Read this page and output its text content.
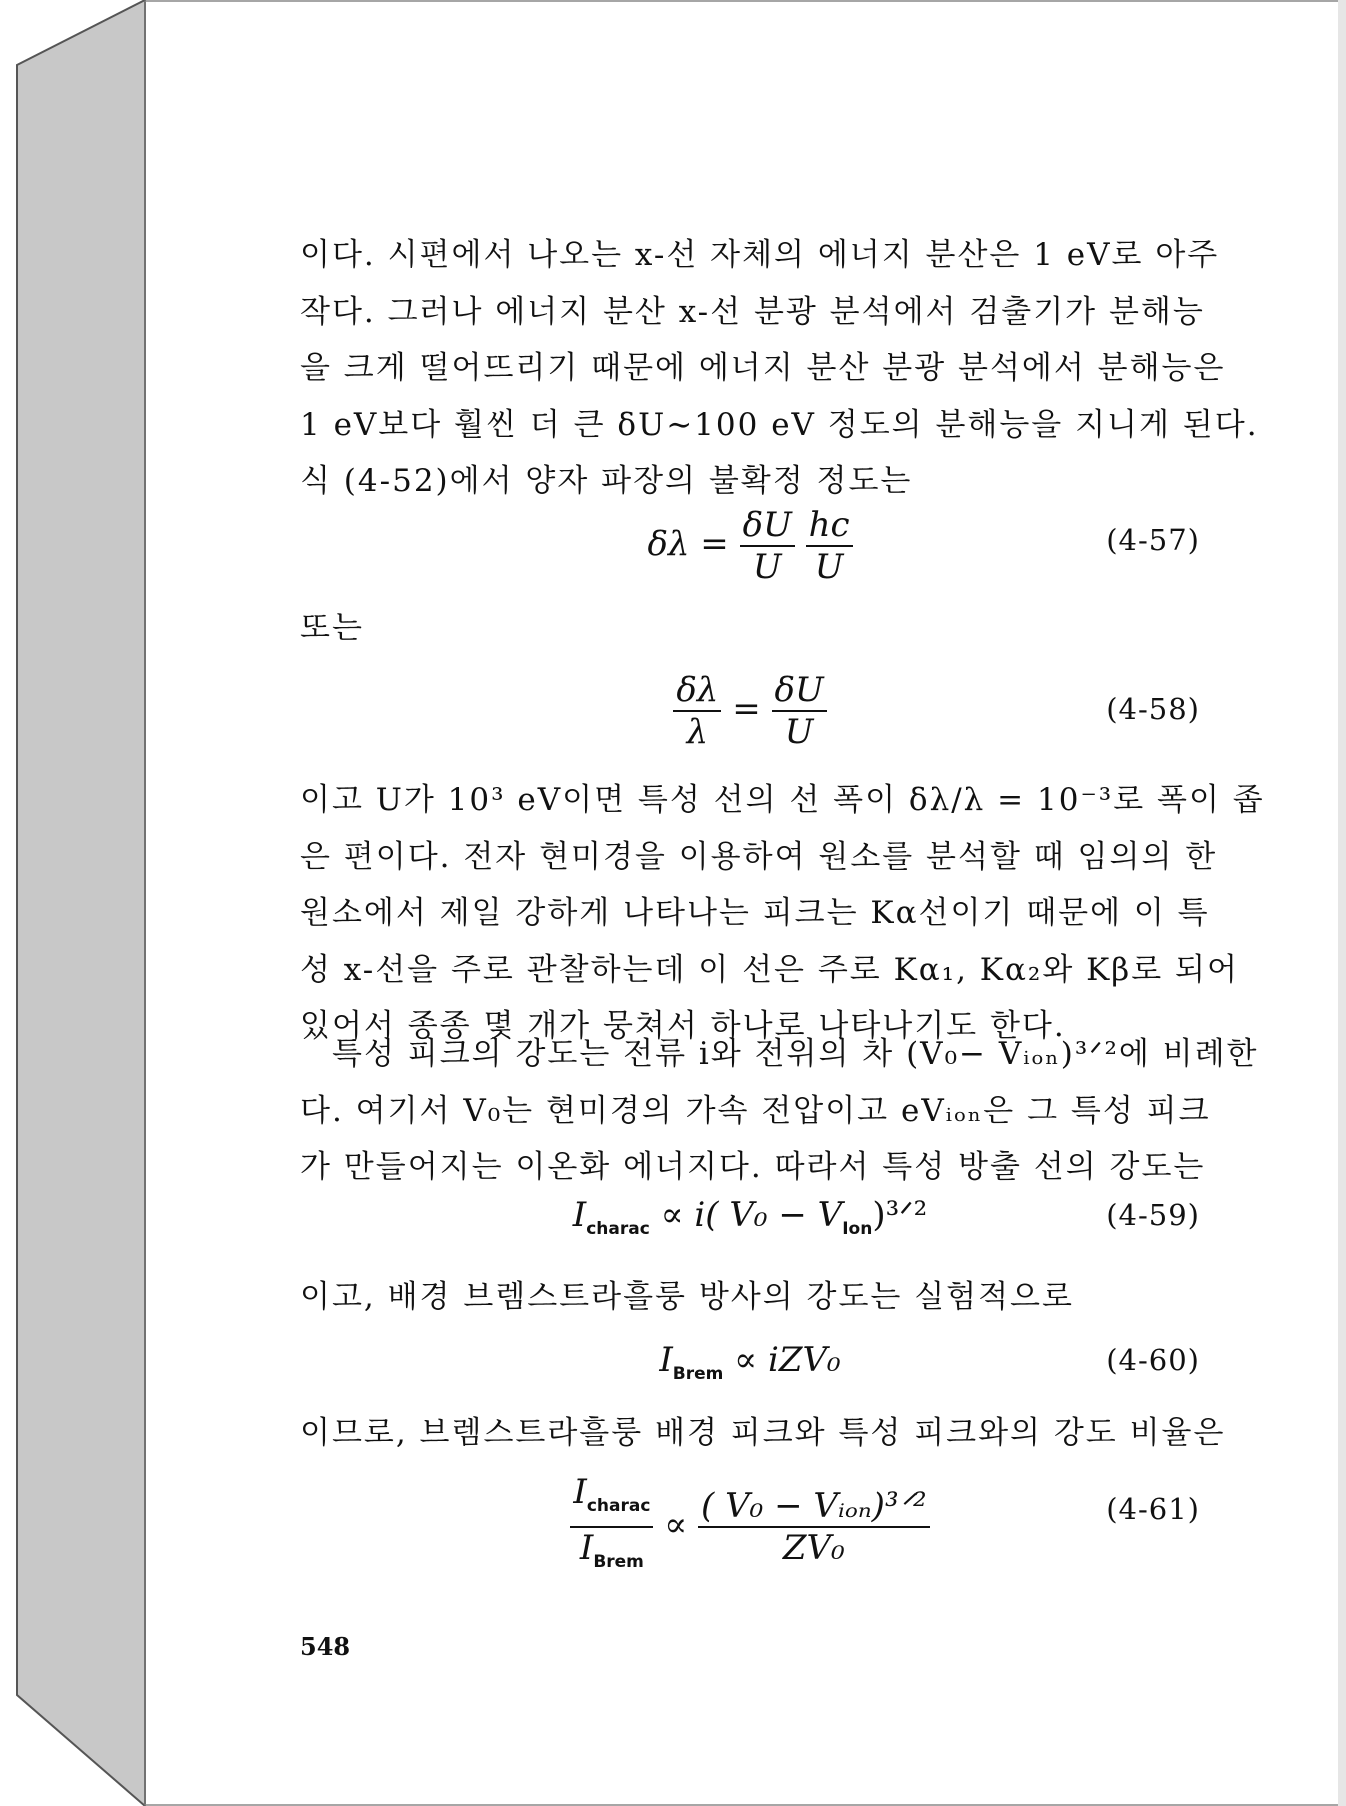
이다. 시편에서 나오는 x-선 자체의 에너지 분산은 1 eV로 아주
작다. 그러나 에너지 분산 x-선 분광 분석에서 검출기가 분해능
을 크게 떨어뜨리기 때문에 에너지 분산 분광 분석에서 분해능은
1 eV보다 훨씬 더 큰 δU∼100 eV 정도의 분해능을 지니게 된다.
식 (4-52)에서 양자 파장의 불확정 정도는
$\delta\lambda = \frac{\delta U}{U}$
$\frac{hc}{U}$	(4-57)
또는
$\frac{\delta\lambda}{\lambda} = \frac{\delta U}{U}$	(4-58)
이고 U가 10³ eV이면 특성 선의 선 폭이 δλ/λ = 10⁻³로 폭이 좁
은 편이다. 전자 현미경을 이용하여 원소를 분석할 때 임의의 한
원소에서 제일 강하게 나타나는 피크는 Kα선이기 때문에 이 특
성 x-선을 주로 관찰하는데 이 선은 주로 Kα₁, Kα₂와 Kβ로 되어
있어서 종종 몇 개가 뭉쳐서 하나로 나타나기도 한다.
특성 피크의 강도는 전류 i와 전위의 차 (V₀− Vᵢₒₙ)³ᐟ²에 비례한
다. 여기서 V₀는 현미경의 가속 전압이고 eVᵢₒₙ은 그 특성 피크
가 만들어지는 이온화 에너지다. 따라서 특성 방출 선의 강도는
$I_{charac} \propto i$( $V_0 - V_{Ion})^3ᐟ^2$	(4-59)
이고, 배경 브렘스트라흘룽 방사의 강도는 실험적으로
$I_{Brem} \propto iZV_0$	(4-60)
이므로, 브렘스트라흘룽 배경 피크와 특성 피크와의 강도 비율은
$\frac{I_{charac}}{I_{Brem}} \propto \frac{\text{( V₀ − Vᵢₒₙ)³ᐟ²}}{\text{ZV₀}}$	(4-61)
548
